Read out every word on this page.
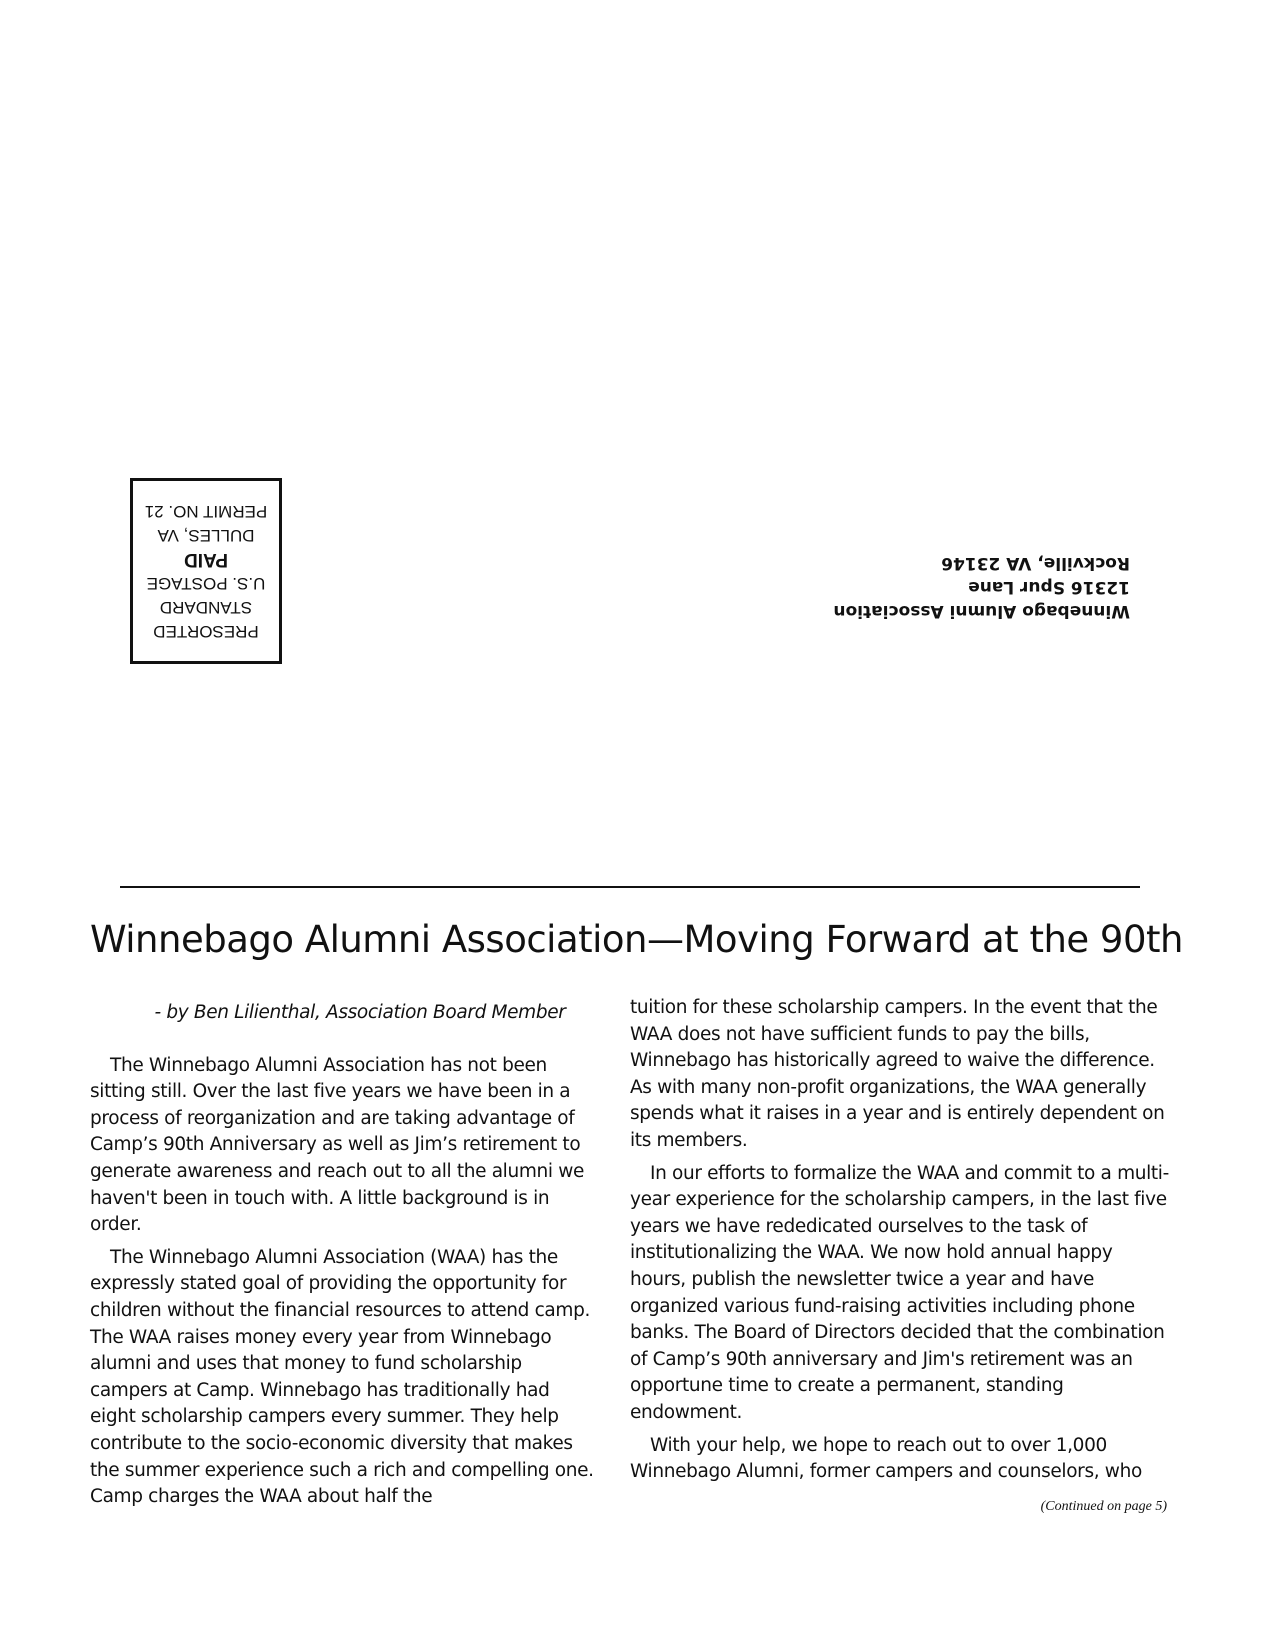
PRESORTED
STANDARD
U.S. POSTAGE
PAID
DULLES, VA
PERMIT NO. 21
Winnebago Alumni Association
12316 Spur Lane
Rockville, VA 23146
Winnebago Alumni Association—Moving Forward at the 90th
- by Ben Lilienthal, Association Board Member

The Winnebago Alumni Association has not been sitting still. Over the last five years we have been in a process of reorganization and are taking advantage of Camp’s 90th Anniversary as well as Jim’s retirement to generate awareness and reach out to all the alumni we haven't been in touch with. A little background is in order.

The Winnebago Alumni Association (WAA) has the expressly stated goal of providing the opportunity for children without the financial resources to attend camp. The WAA raises money every year from Winnebago alumni and uses that money to fund scholarship campers at Camp. Winnebago has traditionally had eight scholarship campers every summer. They help contribute to the socio-economic diversity that makes the summer experience such a rich and compelling one. Camp charges the WAA about half the

tuition for these scholarship campers. In the event that the WAA does not have sufficient funds to pay the bills, Winnebago has historically agreed to waive the difference. As with many non-profit organizations, the WAA generally spends what it raises in a year and is entirely dependent on its members.

In our efforts to formalize the WAA and commit to a multi-year experience for the scholarship campers, in the last five years we have rededicated ourselves to the task of institutionalizing the WAA. We now hold annual happy hours, publish the newsletter twice a year and have organized various fund-raising activities including phone banks. The Board of Directors decided that the combination of Camp’s 90th anniversary and Jim's retirement was an opportune time to create a permanent, standing endowment.

With your help, we hope to reach out to over 1,000 Winnebago Alumni, former campers and counselors, who

(Continued on page 5)
